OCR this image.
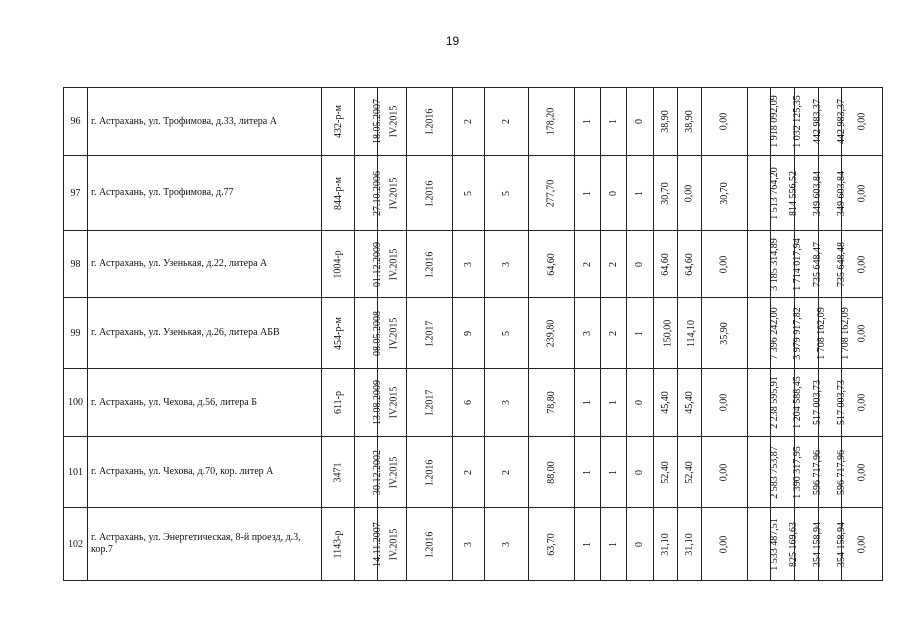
19
96	г. Астрахань, ул. Трофимова, д.33, литера А	432-р-м	18.05.2007	IV.2015	I.2016	2	2	178,20	1	1	0	38,90	38,90	0,00	1 918 092,09	1 032 125,35	442 983,37	442 983,37	0,00
97	г. Астрахань, ул. Трофимова, д.77	844-р-м	27.10.2006	IV.2015	I.2016	5	5	277,70	1	0	1	30,70	0,00	30,70	1 513 764,20	814 556,52	349 603,84	349 603,84	0,00
98	г. Астрахань, ул. Узенькая, д.22, литера А	1004-р	01.12.2009	IV.2015	I.2016	3	3	64,60	2	2	0	64,60	64,60	0,00	3 185 314,89	1 714 017,94	735 648,47	735 648,48	0,00
99	г. Астрахань, ул. Узенькая, д.26, литера АБВ	454-р-м	08.05.2008	IV.2015	I.2017	9	5	239,80	3	2	1	150,00	114,10	35,90	7 396 242,00	3 979 917,82	1 708 162,09	1 708 162,09	0,00
100	г. Астрахань, ул. Чехова, д.56, литера Б	611-р	13.08.2009	IV.2015	I.2017	6	3	78,80	1	1	0	45,40	45,40	0,00	2 238 595,91	1 204 588,45	517 003,73	517 003,73	0,00
101	г. Астрахань, ул. Чехова, д.70, кор. литер А	3471	30.12.2002	IV.2015	I.2016	2	2	88,00	1	1	0	52,40	52,40	0,00	2 583 753,87	1 390 317,95	596 717,96	596 717,96	0,00
102	г. Астрахань, ул. Энергетическая, 8-й проезд, д.3, кор.7	1143-р	14.11.2007	IV.2015	I.2016	3	3	63,70	1	1	0	31,10	31,10	0,00	1 533 487,51	825 169,63	354 158,94	354 158,94	0,00
